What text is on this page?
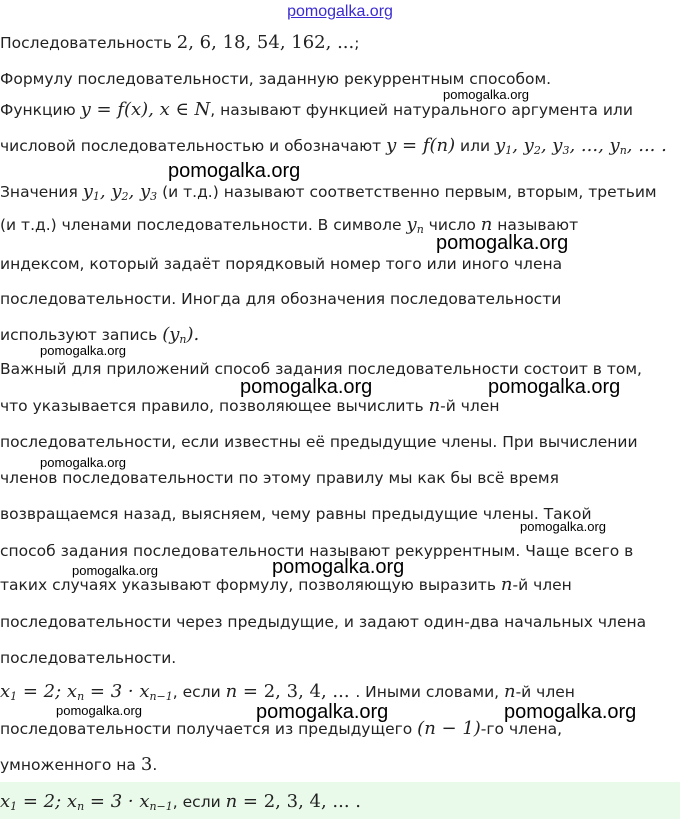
pomogalka.org
Последовательность 2, 6, 18, 54, 162, ...;
Формулу последовательности, заданную рекуррентным способом.
Функцию y = f(x), x ∈ N, называют функцией натурального аргумента или
числовой последовательностью и обозначают y = f(n) или $y_1$, $y_2$, $y_3$, ..., $y_n$, ... .
Значения $y_1$, $y_2$, $y_3$ (и т.д.) называют соответственно первым, вторым, третьим
(и т.д.) членами последовательности. В символе $y_n$ число n называют
индексом, который задаёт порядковый номер того или иного члена
последовательности. Иногда для обозначения последовательности
используют запись $(y_n)$.
Важный для приложений способ задания последовательности состоит в том,
что указывается правило, позволяющее вычислить n-й член
последовательности, если известны её предыдущие члены. При вычислении
членов последовательности по этому правилу мы как бы всё время
возвращаемся назад, выясняем, чему равны предыдущие члены. Такой
способ задания последовательности называют рекуррентным. Чаще всего в
таких случаях указывают формулу, позволяющую выразить n-й член
последовательности через предыдущие, и задают один-два начальных члена
последовательности.
$x_1 = 2$; $x_n = 3 \cdot x_{n-1}$, если n = 2, 3, 4, ... . Иными словами, n-й член
последовательности получается из предыдущего (n − 1)-го члена,
умноженного на 3.
$x_1 = 2$; $x_n = 3 \cdot x_{n-1}$, если n = 2, 3, 4, ... .
pomogalka.org
pomogalka.org
pomogalka.org
pomogalka.org
pomogalka.org	pomogalka.org
pomogalka.org
pomogalka.org
pomogalka.org
pomogalka.org
pomogalka.org	pomogalka.org	pomogalka.org
